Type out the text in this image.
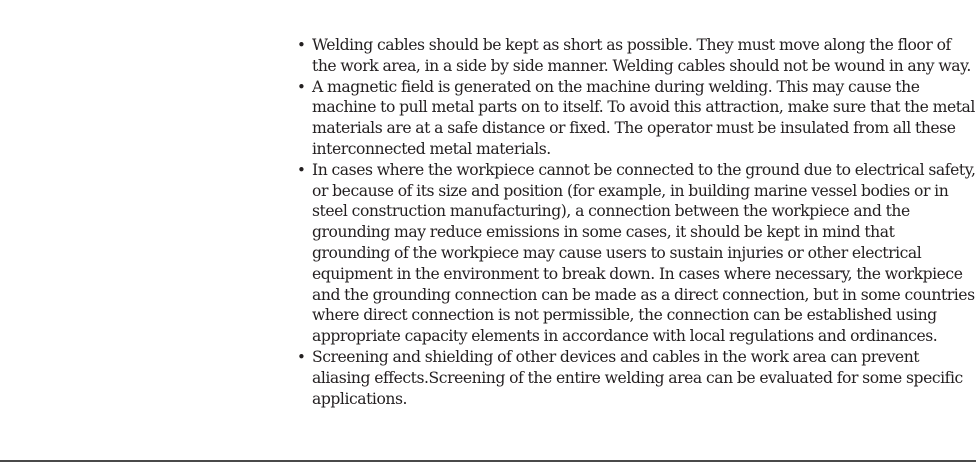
• Welding cables should be kept as short as possible. They must move along the floor of the work area, in a side by side manner. Welding cables should not be wound in any way.
• A magnetic field is generated on the machine during welding. This may cause the machine to pull metal parts on to itself. To avoid this attraction, make sure that the metal materials are at a safe distance or fixed. The operator must be insulated from all these interconnected metal materials.
• In cases where the workpiece cannot be connected to the ground due to electrical safety, or because of its size and position (for example, in building marine vessel bodies or in steel construction manufacturing), a connection between the workpiece and the grounding may reduce emissions in some cases, it should be kept in mind that grounding of the workpiece may cause users to sustain injuries or other electrical equipment in the environment to break down. In cases where necessary, the workpiece and the grounding connection can be made as a direct connection, but in some countries where direct connection is not permissible, the connection can be established using appropriate capacity elements in accordance with local regulations and ordinances.
• Screening and shielding of other devices and cables in the work area can prevent aliasing effects.Screening of the entire welding area can be evaluated for some specific applications.
